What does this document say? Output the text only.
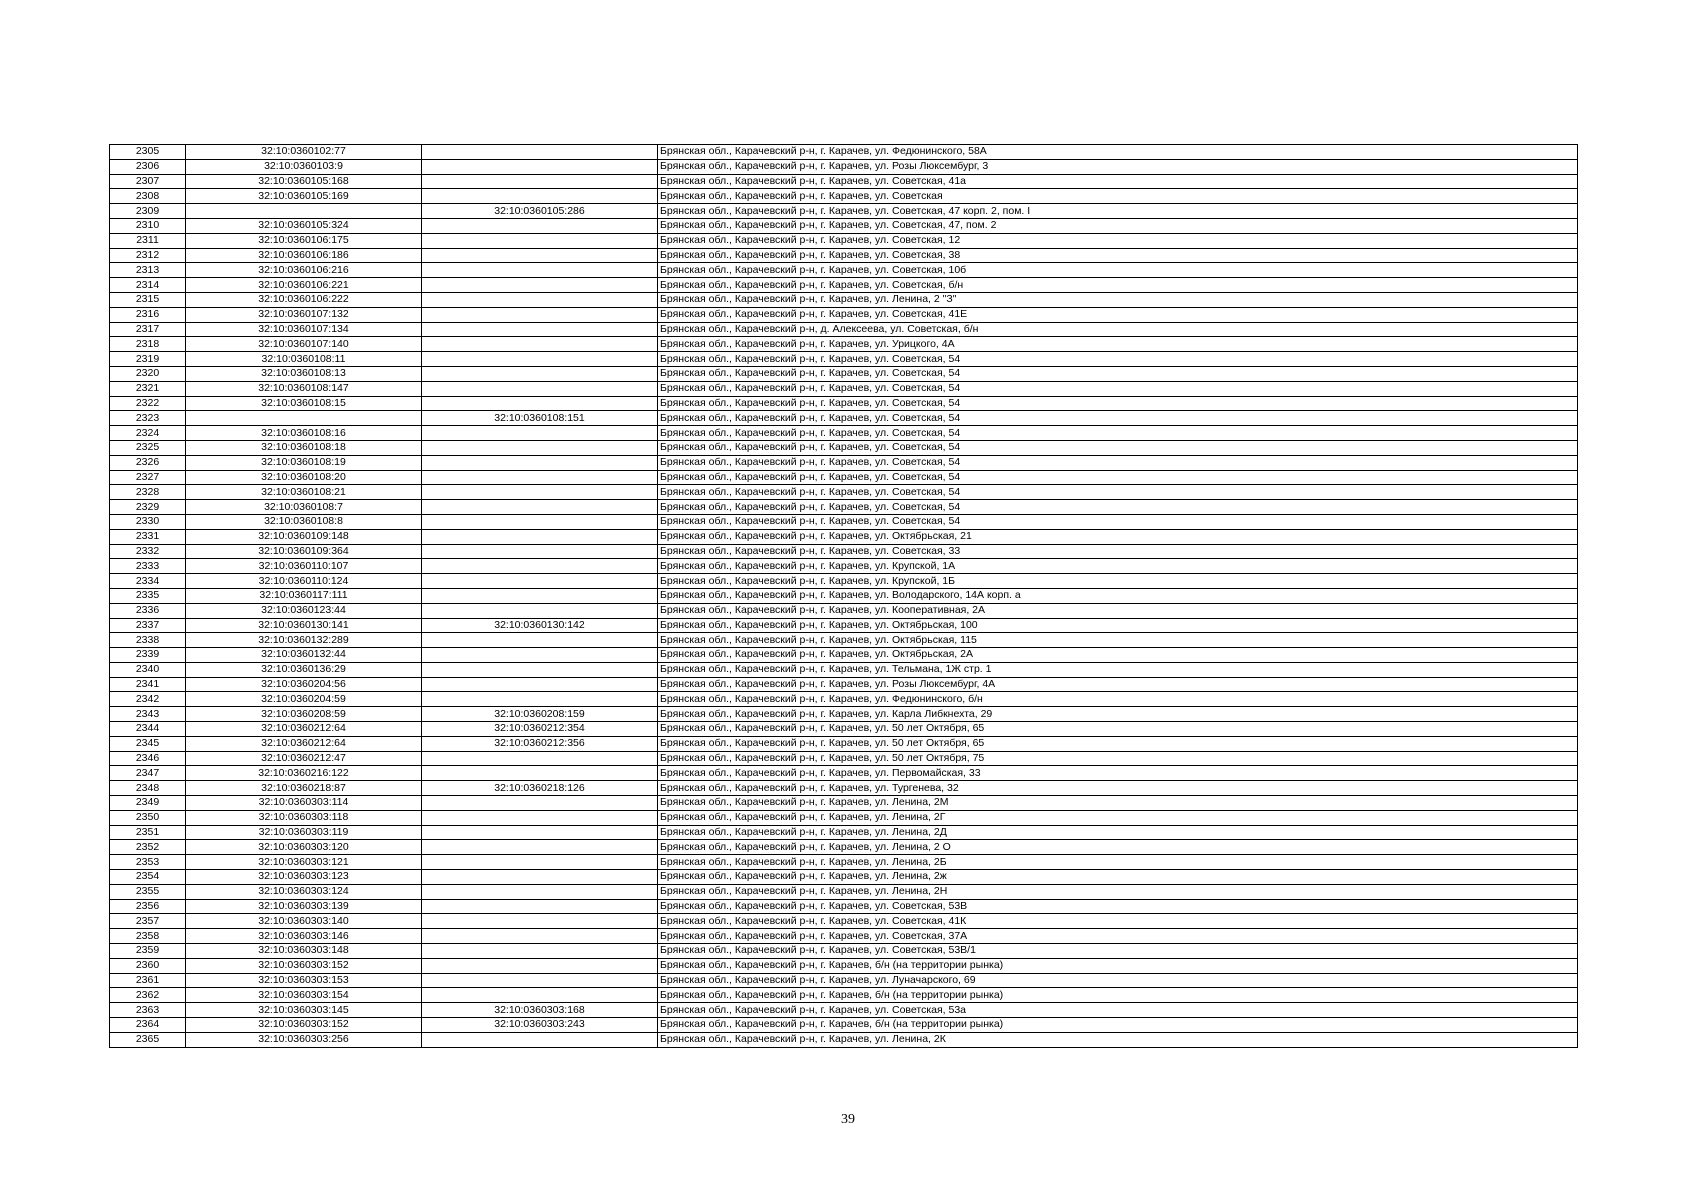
2305	32:10:0360102:77		Брянская обл., Карачевский р-н, г. Карачев, ул. Федюнинского, 58А
2306	32:10:0360103:9		Брянская обл., Карачевский р-н, г. Карачев, ул. Розы Люксембург, 3
2307	32:10:0360105:168		Брянская обл., Карачевский р-н, г. Карачев, ул. Советская, 41а
2308	32:10:0360105:169		Брянская обл., Карачевский р-н, г. Карачев, ул. Советская
2309		32:10:0360105:286	Брянская обл., Карачевский р-н, г. Карачев, ул. Советская, 47 корп. 2, пом. I
2310	32:10:0360105:324		Брянская обл., Карачевский р-н, г. Карачев, ул. Советская, 47, пом. 2
2311	32:10:0360106:175		Брянская обл., Карачевский р-н, г. Карачев, ул. Советская, 12
2312	32:10:0360106:186		Брянская обл., Карачевский р-н, г. Карачев, ул. Советская, 38
2313	32:10:0360106:216		Брянская обл., Карачевский р-н, г. Карачев, ул. Советская, 10б
2314	32:10:0360106:221		Брянская обл., Карачевский р-н, г. Карачев, ул. Советская, б/н
2315	32:10:0360106:222		Брянская обл., Карачевский р-н, г. Карачев, ул. Ленина, 2 "З"
2316	32:10:0360107:132		Брянская обл., Карачевский р-н, г. Карачев, ул. Советская, 41Е
2317	32:10:0360107:134		Брянская обл., Карачевский р-н, д. Алексеева, ул. Советская, б/н
2318	32:10:0360107:140		Брянская обл., Карачевский р-н, г. Карачев, ул. Урицкого, 4А
2319	32:10:0360108:11		Брянская обл., Карачевский р-н, г. Карачев, ул. Советская, 54
2320	32:10:0360108:13		Брянская обл., Карачевский р-н, г. Карачев, ул. Советская, 54
2321	32:10:0360108:147		Брянская обл., Карачевский р-н, г. Карачев, ул. Советская, 54
2322	32:10:0360108:15		Брянская обл., Карачевский р-н, г. Карачев, ул. Советская, 54
2323		32:10:0360108:151	Брянская обл., Карачевский р-н, г. Карачев, ул. Советская, 54
2324	32:10:0360108:16		Брянская обл., Карачевский р-н, г. Карачев, ул. Советская, 54
2325	32:10:0360108:18		Брянская обл., Карачевский р-н, г. Карачев, ул. Советская, 54
2326	32:10:0360108:19		Брянская обл., Карачевский р-н, г. Карачев, ул. Советская, 54
2327	32:10:0360108:20		Брянская обл., Карачевский р-н, г. Карачев, ул. Советская, 54
2328	32:10:0360108:21		Брянская обл., Карачевский р-н, г. Карачев, ул. Советская, 54
2329	32:10:0360108:7		Брянская обл., Карачевский р-н, г. Карачев, ул. Советская, 54
2330	32:10:0360108:8		Брянская обл., Карачевский р-н, г. Карачев, ул. Советская, 54
2331	32:10:0360109:148		Брянская обл., Карачевский р-н, г. Карачев, ул. Октябрьская, 21
2332	32:10:0360109:364		Брянская обл., Карачевский р-н, г. Карачев, ул. Советская, 33
2333	32:10:0360110:107		Брянская обл., Карачевский р-н, г. Карачев, ул. Крупской, 1А
2334	32:10:0360110:124		Брянская обл., Карачевский р-н, г. Карачев, ул. Крупской, 1Б
2335	32:10:0360117:111		Брянская обл., Карачевский р-н, г. Карачев, ул. Володарского, 14А корп. а
2336	32:10:0360123:44		Брянская обл., Карачевский р-н, г. Карачев, ул. Кооперативная, 2А
2337	32:10:0360130:141	32:10:0360130:142	Брянская обл., Карачевский р-н, г. Карачев, ул. Октябрьская, 100
2338	32:10:0360132:289		Брянская обл., Карачевский р-н, г. Карачев, ул. Октябрьская, 115
2339	32:10:0360132:44		Брянская обл., Карачевский р-н, г. Карачев, ул. Октябрьская, 2А
2340	32:10:0360136:29		Брянская обл., Карачевский р-н, г. Карачев, ул. Тельмана, 1Ж стр. 1
2341	32:10:0360204:56		Брянская обл., Карачевский р-н, г. Карачев, ул. Розы Люксембург, 4А
2342	32:10:0360204:59		Брянская обл., Карачевский р-н, г. Карачев, ул. Федюнинского, б/н
2343	32:10:0360208:59	32:10:0360208:159	Брянская обл., Карачевский р-н, г. Карачев, ул. Карла Либкнехта, 29
2344	32:10:0360212:64	32:10:0360212:354	Брянская обл., Карачевский р-н, г. Карачев, ул. 50 лет Октября, 65
2345	32:10:0360212:64	32:10:0360212:356	Брянская обл., Карачевский р-н, г. Карачев, ул. 50 лет Октября, 65
2346	32:10:0360212:47		Брянская обл., Карачевский р-н, г. Карачев, ул. 50 лет Октября, 75
2347	32:10:0360216:122		Брянская обл., Карачевский р-н, г. Карачев, ул. Первомайская, 33
2348	32:10:0360218:87	32:10:0360218:126	Брянская обл., Карачевский р-н, г. Карачев, ул. Тургенева, 32
2349	32:10:0360303:114		Брянская обл., Карачевский р-н, г. Карачев, ул. Ленина, 2М
2350	32:10:0360303:118		Брянская обл., Карачевский р-н, г. Карачев, ул. Ленина, 2Г
2351	32:10:0360303:119		Брянская обл., Карачевский р-н, г. Карачев, ул. Ленина, 2Д
2352	32:10:0360303:120		Брянская обл., Карачевский р-н, г. Карачев, ул. Ленина, 2 О
2353	32:10:0360303:121		Брянская обл., Карачевский р-н, г. Карачев, ул. Ленина, 2Б
2354	32:10:0360303:123		Брянская обл., Карачевский р-н, г. Карачев, ул. Ленина, 2ж
2355	32:10:0360303:124		Брянская обл., Карачевский р-н, г. Карачев, ул. Ленина, 2Н
2356	32:10:0360303:139		Брянская обл., Карачевский р-н, г. Карачев, ул. Советская, 53В
2357	32:10:0360303:140		Брянская обл., Карачевский р-н, г. Карачев, ул. Советская, 41К
2358	32:10:0360303:146		Брянская обл., Карачевский р-н, г. Карачев, ул. Советская, 37А
2359	32:10:0360303:148		Брянская обл., Карачевский р-н, г. Карачев, ул. Советская, 53В/1
2360	32:10:0360303:152		Брянская обл., Карачевский р-н, г. Карачев, б/н (на территории рынка)
2361	32:10:0360303:153		Брянская обл., Карачевский р-н, г. Карачев, ул. Луначарского, 69
2362	32:10:0360303:154		Брянская обл., Карачевский р-н, г. Карачев, б/н (на территории рынка)
2363	32:10:0360303:145	32:10:0360303:168	Брянская обл., Карачевский р-н, г. Карачев, ул. Советская, 53а
2364	32:10:0360303:152	32:10:0360303:243	Брянская обл., Карачевский р-н, г. Карачев, б/н (на территории рынка)
2365	32:10:0360303:256		Брянская обл., Карачевский р-н, г. Карачев, ул. Ленина, 2К
39
